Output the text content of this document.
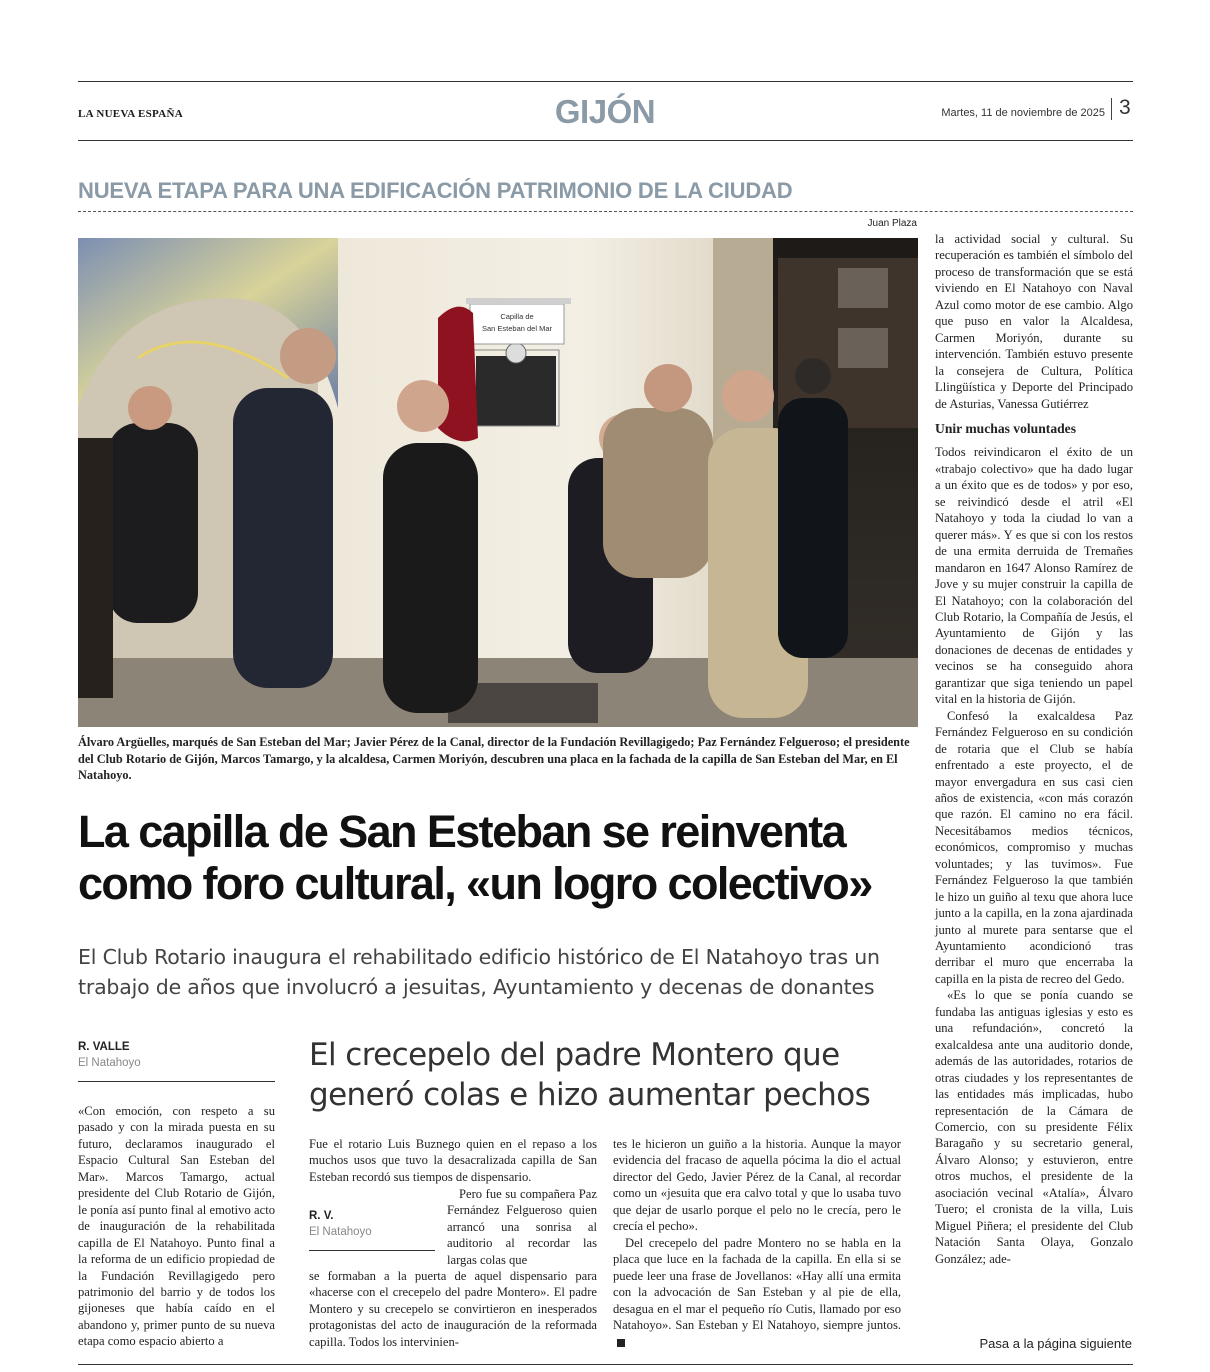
LA NUEVA ESPAÑA	GIJÓN	Martes, 11 de noviembre de 2025 3
NUEVA ETAPA PARA UNA EDIFICACIÓN PATRIMONIO DE LA CIUDAD
Juan Plaza
Capilla de
San Esteban del Mar
Álvaro Argüelles, marqués de San Esteban del Mar; Javier Pérez de la Canal, director de la Fundación Revillagigedo; Paz Fernández Felgueroso; el presidente del Club Rotario de Gijón, Marcos Tamargo, y la alcaldesa, Carmen Moriyón, descubren una placa en la fachada de la capilla de San Esteban del Mar, en El Natahoyo.
La capilla de San Esteban se reinventa
como foro cultural, «un logro colectivo»
El Club Rotario inaugura el rehabilitado edificio histórico de El Natahoyo tras un trabajo de años que involucró a jesuitas, Ayuntamiento y decenas de donantes
R. VALLE
El Natahoyo

«Con emoción, con respeto a su pasado y con la mirada puesta en su futuro, declaramos inaugurado el Espacio Cultural San Esteban del Mar». Marcos Tamargo, actual presidente del Club Rotario de Gijón, le ponía así punto final al emotivo acto de inauguración de la rehabilitada capilla de El Natahoyo. Punto final a la reforma de un edificio propiedad de la Fundación Revillagigedo pero patrimonio del barrio y de todos los gijoneses que había caído en el abandono y, primer punto de su nueva etapa como espacio abierto a

El crecepelo del padre Montero que
generó colas e hizo aumentar pechos

Fue el rotario Luis Buznego quien en el repaso a los muchos usos que tuvo la desacralizada capilla de San Esteban recordó sus tiempos de dispensario.

R. V.
El Natahoyo

Pero fue su compañera Paz Fernández Felgueroso quien arrancó una sonrisa al auditorio al recordar las largas colas que

se formaban a la puerta de aquel dispensario para «hacerse con el crecepelo del padre Montero». El padre Montero y su crecepelo se convirtieron en inesperados protagonistas del acto de inauguración de la reformada capilla. Todos los intervinien-

tes le hicieron un guiño a la historia. Aunque la mayor evidencia del fracaso de aquella pócima la dio el actual director del Gedo, Javier Pérez de la Canal, al recordar como un «jesuita que era calvo total y que lo usaba tuvo que dejar de usarlo porque el pelo no le crecía, pero le crecía el pecho».

Del crecepelo del padre Montero no se habla en la placa que luce en la fachada de la capilla. En ella si se puede leer una frase de Jovellanos: «Hay allí una ermita con la advocación de San Esteban y al pie de ella, desagua en el mar el pequeño río Cutis, llamado por eso Natahoyo». San Esteban y El Natahoyo, siempre juntos.

la actividad social y cultural. Su recuperación es también el símbolo del proceso de transformación que se está viviendo en El Natahoyo con Naval Azul como motor de ese cambio. Algo que puso en valor la Alcaldesa, Carmen Moriyón, durante su intervención. También estuvo presente la consejera de Cultura, Política Llingüística y Deporte del Principado de Asturias, Vanessa Gutiérrez

Unir muchas voluntades

Todos reivindicaron el éxito de un «trabajo colectivo» que ha dado lugar a un éxito que es de todos» y por eso, se reivindicó desde el atril «El Natahoyo y toda la ciudad lo van a querer más». Y es que si con los restos de una ermita derruida de Tremañes mandaron en 1647 Alonso Ramírez de Jove y su mujer construir la capilla de El Natahoyo; con la colaboración del Club Rotario, la Compañía de Jesús, el Ayuntamiento de Gijón y las donaciones de decenas de entidades y vecinos se ha conseguido ahora garantizar que siga teniendo un papel vital en la historia de Gijón.

Confesó la exalcaldesa Paz Fernández Felgueroso en su condición de rotaria que el Club se había enfrentado a este proyecto, el de mayor envergadura en sus casi cien años de existencia, «con más corazón que razón. El camino no era fácil. Necesitábamos medios técnicos, económicos, compromiso y muchas voluntades; y las tuvimos». Fue Fernández Felgueroso la que también le hizo un guiño al texu que ahora luce junto a la capilla, en la zona ajardinada junto al murete para sentarse que el Ayuntamiento acondicionó tras derribar el muro que encerraba la capilla en la pista de recreo del Gedo.

«Es lo que se ponía cuando se fundaba las antiguas iglesias y esto es una refundación», concretó la exalcaldesa ante una auditorio donde, además de las autoridades, rotarios de otras ciudades y los representantes de las entidades más implicadas, hubo representación de la Cámara de Comercio, con su presidente Félix Baragaño y su secretario general, Álvaro Alonso; y estuvieron, entre otros muchos, el presidente de la asociación vecinal «Atalía», Álvaro Tuero; el cronista de la villa, Luis Miguel Piñera; el presidente del Club Natación Santa Olaya, Gonzalo González; ade-

Pasa a la página siguiente
